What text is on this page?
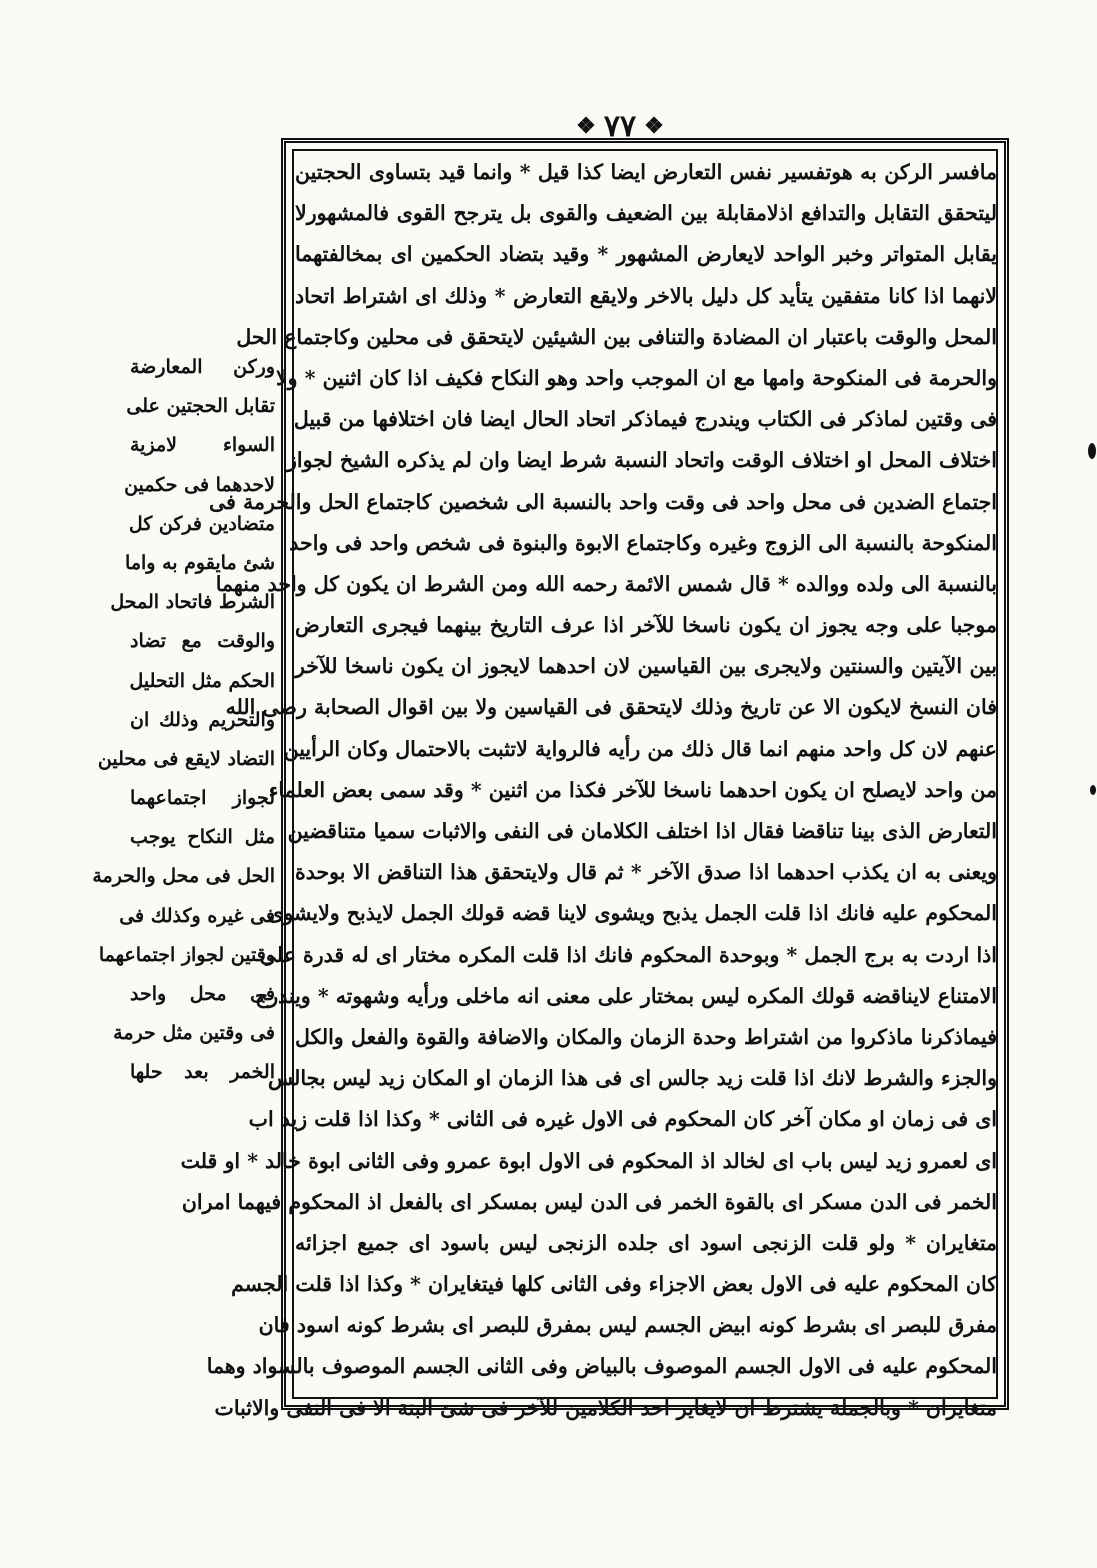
❖ ٧٧ ❖
مافسر الركن به هوتفسير نفس التعارض ايضا كذا قيل * وانما قيد بتساوى الحجتين
ليتحقق التقابل والتدافع اذلامقابلة بين الضعيف والقوى بل يترجح القوى فالمشهورلا
يقابل المتواتر وخبر الواحد لايعارض المشهور * وقيد بتضاد الحكمين اى بمخالفتهما
لانهما اذا كانا متفقين يتأيد كل دليل بالاخر ولايقع التعارض * وذلك اى اشتراط اتحاد
المحل والوقت باعتبار ان المضادة والتنافى بين الشيئين لايتحقق فى محلين وكاجتماع الحل
والحرمة فى المنكوحة وامها مع ان الموجب واحد وهو النكاح فكيف اذا كان اثنين * ولا
فى وقتين لماذكر فى الكتاب ويندرج فيماذكر اتحاد الحال ايضا فان اختلافها من قبيل
اختلاف المحل او اختلاف الوقت واتحاد النسبة شرط ايضا وان لم يذكره الشيخ لجواز
اجتماع الضدين فى محل واحد فى وقت واحد بالنسبة الى شخصين كاجتماع الحل والحرمة فى
المنكوحة بالنسبة الى الزوج وغيره وكاجتماع الابوة والبنوة فى شخص واحد فى واحد
بالنسبة الى ولده ووالده * قال شمس الائمة رحمه الله ومن الشرط ان يكون كل واحد منهما
موجبا على وجه يجوز ان يكون ناسخا للآخر اذا عرف التاريخ بينهما فيجرى التعارض
بين الآيتين والسنتين ولايجرى بين القياسين لان احدهما لايجوز ان يكون ناسخا للآخر
فان النسخ لايكون الا عن تاريخ وذلك لايتحقق فى القياسين ولا بين اقوال الصحابة رضى الله
عنهم لان كل واحد منهم انما قال ذلك من رأيه فالرواية لاتثبت بالاحتمال وكان الرأيين
من واحد لايصلح ان يكون احدهما ناسخا للآخر فكذا من اثنين * وقد سمى بعض العلماء
التعارض الذى بينا تناقضا فقال اذا اختلف الكلامان فى النفى والاثبات سميا متناقضين
ويعنى به ان يكذب احدهما اذا صدق الآخر * ثم قال ولايتحقق هذا التناقض الا بوحدة
المحكوم عليه فانك اذا قلت الجمل يذبح ويشوى لاينا قضه قولك الجمل لايذبح ولايشوى
اذا اردت به برج الجمل * وبوحدة المحكوم فانك اذا قلت المكره مختار اى له قدرة على
الامتناع لايناقضه قولك المكره ليس بمختار على معنى انه ماخلى ورأيه وشهوته * ويندرج
فيماذكرنا ماذكروا من اشتراط وحدة الزمان والمكان والاضافة والقوة والفعل والكل
والجزء والشرط لانك اذا قلت زيد جالس اى فى هذا الزمان او المكان زيد ليس بجالس
اى فى زمان او مكان آخر كان المحكوم فى الاول غيره فى الثانى * وكذا اذا قلت زيد اب
اى لعمرو زيد ليس باب اى لخالد اذ المحكوم فى الاول ابوة عمرو وفى الثانى ابوة خالد * او قلت
الخمر فى الدن مسكر اى بالقوة الخمر فى الدن ليس بمسكر اى بالفعل اذ المحكوم فيهما امران
متغايران * ولو قلت الزنجى اسود اى جلده الزنجى ليس باسود اى جميع اجزائه
كان المحكوم عليه فى الاول بعض الاجزاء وفى الثانى كلها فيتغايران * وكذا اذا قلت الجسم
مفرق للبصر اى بشرط كونه ابيض الجسم ليس بمفرق للبصر اى بشرط كونه اسود فان
المحكوم عليه فى الاول الجسم الموصوف بالبياض وفى الثانى الجسم الموصوف بالسواد وهما
متغايران * وبالجملة يشترط ان لايغاير احد الكلامين للآخر فى شئ البتة الا فى النفى والاثبات
وركن المعارضة
تقابل الحجتين على
السواء لامزية
لاحدهما فى حكمين
متضادين فركن كل
شئ مايقوم به واما
الشرط فاتحاد المحل
والوقت مع تضاد
الحكم مثل التحليل
والتحريم وذلك ان
التضاد لايقع فى محلين
لجواز اجتماعهما
مثل النكاح يوجب
الحل فى محل والحرمة
فى غيره وكذلك فى
وقتين لجواز اجتماعهما
فى محل واحد
فى وقتين مثل حرمة
الخمر بعد حلها
